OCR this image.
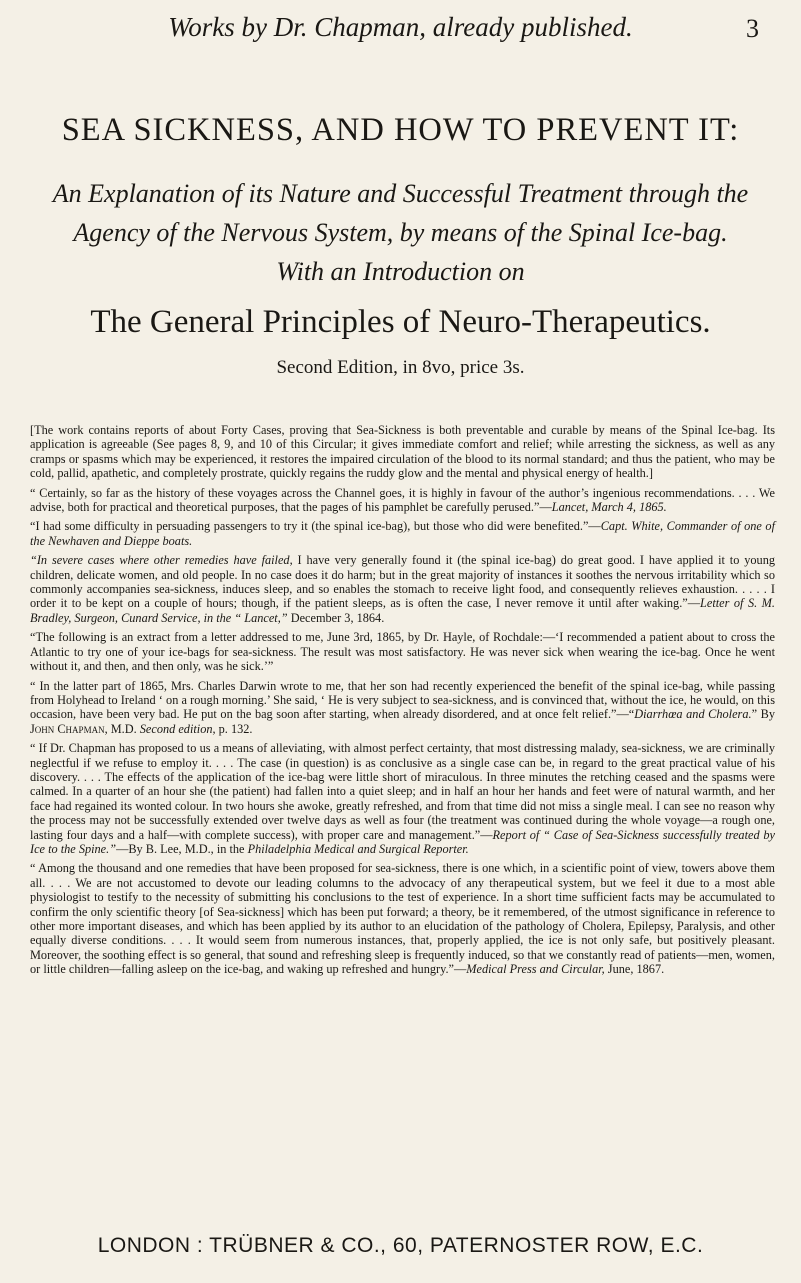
Works by Dr. Chapman, already published.	3
SEA SICKNESS, AND HOW TO PREVENT IT:
An Explanation of its Nature and Successful Treatment through the
Agency of the Nervous System, by means of the Spinal Ice-bag.
With an Introduction on
The General Principles of Neuro-Therapeutics.
Second Edition, in 8vo, price 3s.

[The work contains reports of about Forty Cases, proving that Sea-Sickness is both preventable and curable by means of the Spinal Ice-bag. Its application is agreeable (See pages 8, 9, and 10 of this Circular; it gives immediate comfort and relief; while arresting the sickness, as well as any cramps or spasms which may be experienced, it restores the impaired circulation of the blood to its normal standard; and thus the patient, who may be cold, pallid, apathetic, and completely prostrate, quickly regains the ruddy glow and the mental and physical energy of health.]

“ Certainly, so far as the history of these voyages across the Channel goes, it is highly in favour of the author’s ingenious recommendations. . . . We advise, both for practical and theoretical purposes, that the pages of his pamphlet be carefully perused.”—Lancet, March 4, 1865.

“I had some difficulty in persuading passengers to try it (the spinal ice-bag), but those who did were benefited.”—Capt. White, Commander of one of the Newhaven and Dieppe boats.

“In severe cases where other remedies have failed, I have very generally found it (the spinal ice-bag) do great good. I have applied it to young children, delicate women, and old people. In no case does it do harm; but in the great majority of instances it soothes the nervous irritability which so commonly accompanies sea-sickness, induces sleep, and so enables the stomach to receive light food, and consequently relieves exhaustion. . . . . I order it to be kept on a couple of hours; though, if the patient sleeps, as is often the case, I never remove it until after waking.”—Letter of S. M. Bradley, Surgeon, Cunard Service, in the “ Lancet,” December 3, 1864.

“The following is an extract from a letter addressed to me, June 3rd, 1865, by Dr. Hayle, of Rochdale:—‘I recommended a patient about to cross the Atlantic to try one of your ice-bags for sea-sickness. The result was most satisfactory. He was never sick when wearing the ice-bag. Once he went without it, and then, and then only, was he sick.’”

“ In the latter part of 1865, Mrs. Charles Darwin wrote to me, that her son had recently experienced the benefit of the spinal ice-bag, while passing from Holyhead to Ireland ‘ on a rough morning.’ She said, ‘ He is very subject to sea-sickness, and is convinced that, without the ice, he would, on this occasion, have been very bad. He put on the bag soon after starting, when already disordered, and at once felt relief.”—“Diarrhœa and Cholera.” By John Chapman, M.D. Second edition, p. 132.

“ If Dr. Chapman has proposed to us a means of alleviating, with almost perfect certainty, that most distressing malady, sea-sickness, we are criminally neglectful if we refuse to employ it. . . . The case (in question) is as conclusive as a single case can be, in regard to the great practical value of his discovery. . . . The effects of the application of the ice-bag were little short of miraculous. In three minutes the retching ceased and the spasms were calmed. In a quarter of an hour she (the patient) had fallen into a quiet sleep; and in half an hour her hands and feet were of natural warmth, and her face had regained its wonted colour. In two hours she awoke, greatly refreshed, and from that time did not miss a single meal. I can see no reason why the process may not be successfully extended over twelve days as well as four (the treatment was continued during the whole voyage—a rough one, lasting four days and a half—with complete success), with proper care and management.”—Report of “ Case of Sea-Sickness successfully treated by Ice to the Spine.”—By B. Lee, M.D., in the Philadelphia Medical and Surgical Reporter.

“ Among the thousand and one remedies that have been proposed for sea-sickness, there is one which, in a scientific point of view, towers above them all. . . . We are not accustomed to devote our leading columns to the advocacy of any therapeutical system, but we feel it due to a most able physiologist to testify to the necessity of submitting his conclusions to the test of experience. In a short time sufficient facts may be accumulated to confirm the only scientific theory [of Sea-sickness] which has been put forward; a theory, be it remembered, of the utmost significance in reference to other more important diseases, and which has been applied by its author to an elucidation of the pathology of Cholera, Epilepsy, Paralysis, and other equally diverse conditions. . . . It would seem from numerous instances, that, properly applied, the ice is not only safe, but positively pleasant. Moreover, the soothing effect is so general, that sound and refreshing sleep is frequently induced, so that we constantly read of patients—men, women, or little children—falling asleep on the ice-bag, and waking up refreshed and hungry.”—Medical Press and Circular, June, 1867.

LONDON : TRÜBNER & CO., 60, PATERNOSTER ROW, E.C.
